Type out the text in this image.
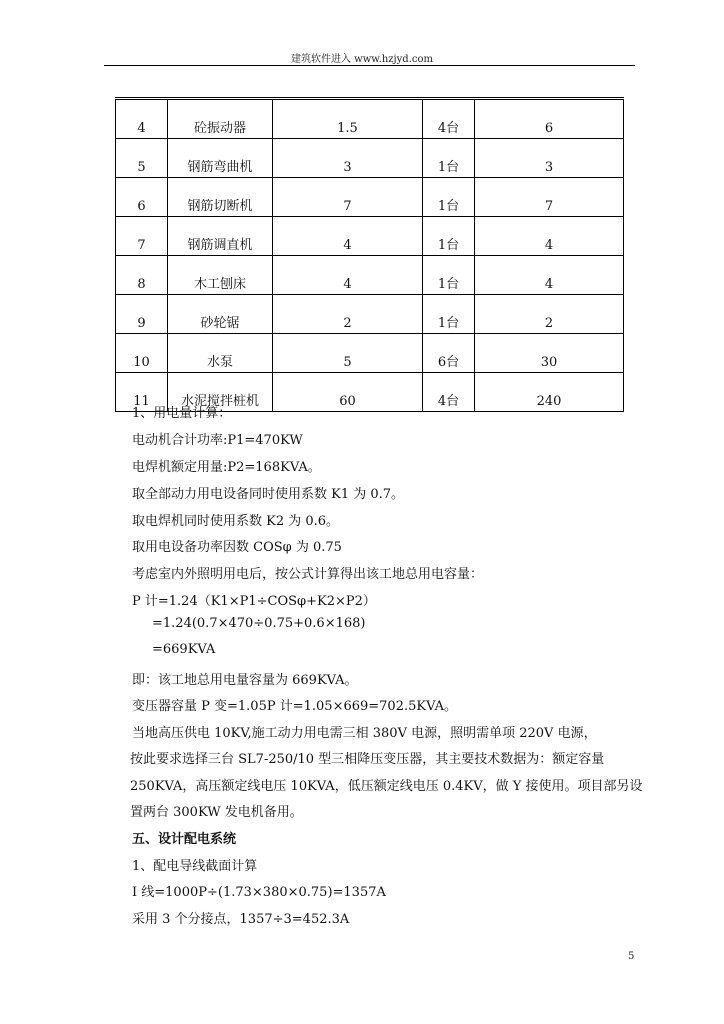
建筑软件进入 www.hzjyd.com
4	砼振动器	1.5	4台	6
5	钢筋弯曲机	3	1台	3
6	钢筋切断机	7	1台	7
7	钢筋调直机	4	1台	4
8	木工刨床	4	1台	4
9	砂轮锯	2	1台	2
10	水泵	5	6台	30
11	水泥搅拌桩机	60	4台	240
1、用电量计算：
电动机合计功率:P1=470KW
电焊机额定用量:P2=168KVA。
取全部动力用电设备同时使用系数 K1 为 0.7。
取电焊机同时使用系数 K2 为 0.6。
取用电设备功率因数 COSφ 为 0.75
考虑室内外照明用电后，按公式计算得出该工地总用电容量：
P 计=1.24（K1×P1÷COSφ+K2×P2）
=1.24(0.7×470÷0.75+0.6×168)
=669KVA
即：该工地总用电量容量为 669KVA。
变压器容量 P 变=1.05P 计=1.05×669=702.5KVA。
当地高压供电 10KV,施工动力用电需三相 380V 电源，照明需单项 220V 电源，
按此要求选择三台 SL7-250/10 型三相降压变压器，其主要技术数据为：额定容量
250KVA，高压额定线电压 10KVA，低压额定线电压 0.4KV，做 Y 接使用。项目部另设
置两台 300KW 发电机备用。
五、设计配电系统
1、配电导线截面计算
I 线=1000P÷(1.73×380×0.75)=1357A
采用 3 个分接点，1357÷3=452.3A
5
